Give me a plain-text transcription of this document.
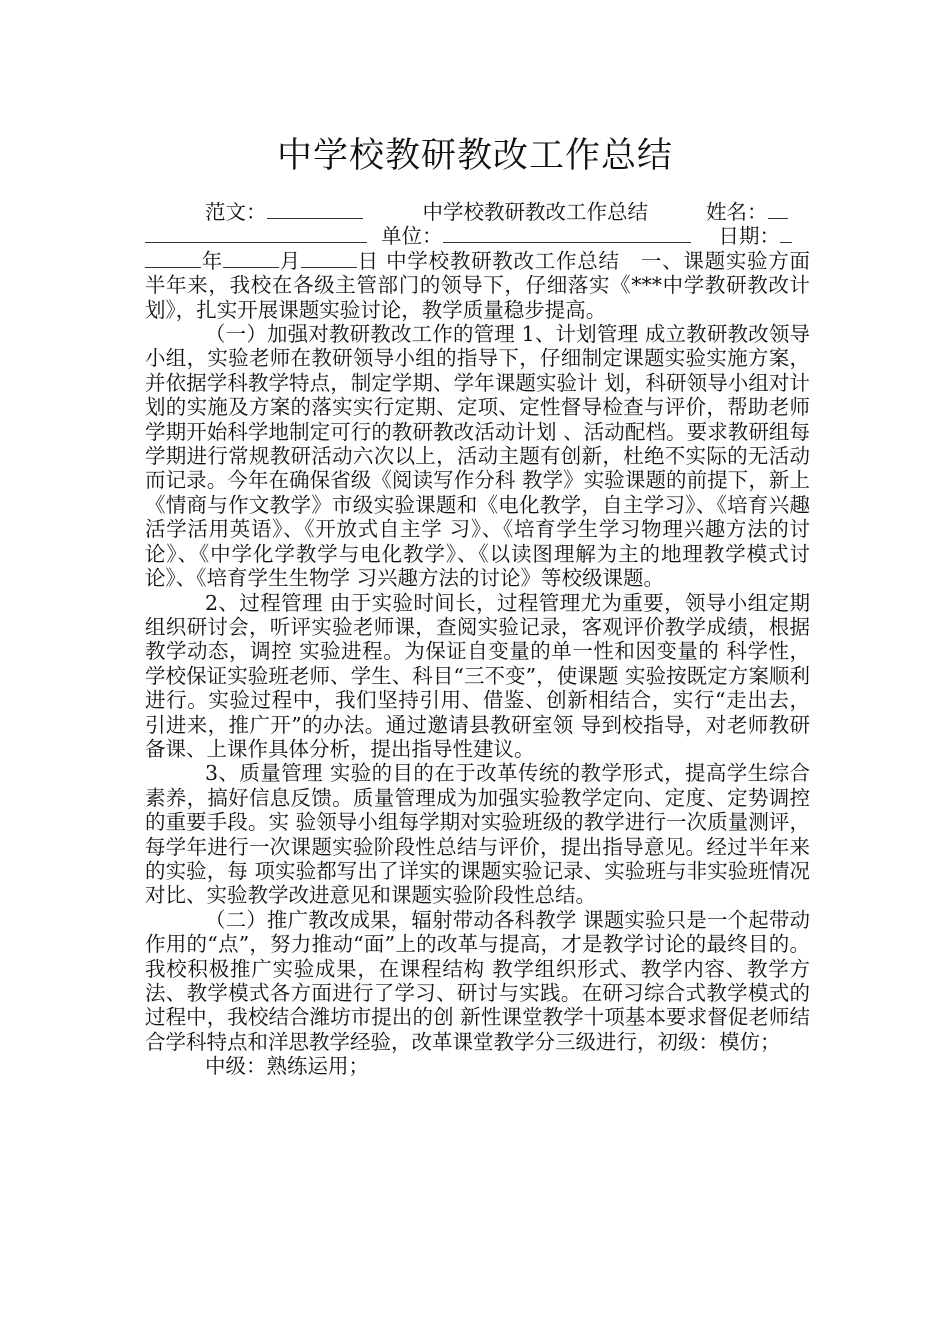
中学校教研教改工作总结

范文：	中学校教研教改工作总结	姓名：
单位：	日期：
年	月	日 中学校教研教改工作总结　一、课题实验方面 半年来，我校在各级主管部门的领导下，仔细落实《***中学教研教改计划》，扎实开展课题实验讨论，教学质量稳步提高。

（一）加强对教研教改工作的管理 1、计划管理 成立教研教改领导小组，实验老师在教研领导小组的指导下，仔细制定课题实验实施方案，并依据学科教学特点，制定学期、学年课题实验计 划，科研领导小组对计划的实施及方案的落实实行定期、定项、定性督导检查与评价，帮助老师学期开始科学地制定可行的教研教改活动计划 、活动配档。要求教研组每学期进行常规教研活动六次以上，活动主题有创新，杜绝不实际的无活动而记录。今年在确保省级《阅读写作分科 教学》实验课题的前提下，新上《情商与作文教学》市级实验课题和《电化教学，自主学习》、《培育兴趣活学活用英语》、《开放式自主学 习》、《培育学生学习物理兴趣方法的讨论》、《中学化学教学与电化教学》、《以读图理解为主的地理教学模式讨论》、《培育学生生物学 习兴趣方法的讨论》等校级课题。

2、过程管理 由于实验时间长，过程管理尤为重要，领导小组定期组织研讨会，听评实验老师课，查阅实验记录，客观评价教学成绩，根据教学动态，调控 实验进程。为保证自变量的单一性和因变量的 科学性，学校保证实验班老师、学生、科目“三不变”，使课题 实验按既定方案顺利进行。实验过程中，我们坚持引用、借鉴、创新相结合，实行“走出去，引进来，推广开”的办法。通过邀请县教研室领 导到校指导，对老师教研备课、上课作具体分析，提出指导性建议。

3、质量管理 实验的目的在于改革传统的教学形式，提高学生综合素养，搞好信息反馈。质量管理成为加强实验教学定向、定度、定势调控的重要手段。实 验领导小组每学期对实验班级的教学进行一次质量测评，每学年进行一次课题实验阶段性总结与评价，提出指导意见。经过半年来的实验，每 项实验都写出了详实的课题实验记录、实验班与非实验班情况对比、实验教学改进意见和课题实验阶段性总结。

（二）推广教改成果，辐射带动各科教学 课题实验只是一个起带动作用的“点”，努力推动“面”上的改革与提高，才是教学讨论的最终目的。我校积极推广实验成果，在课程结构 教学组织形式、教学内容、教学方法、教学模式各方面进行了学习、研讨与实践。在研习综合式教学模式的过程中，我校结合潍坊市提出的创 新性课堂教学十项基本要求督促老师结合学科特点和洋思教学经验，改革课堂教学分三级进行，初级：模仿；

中级：熟练运用；
